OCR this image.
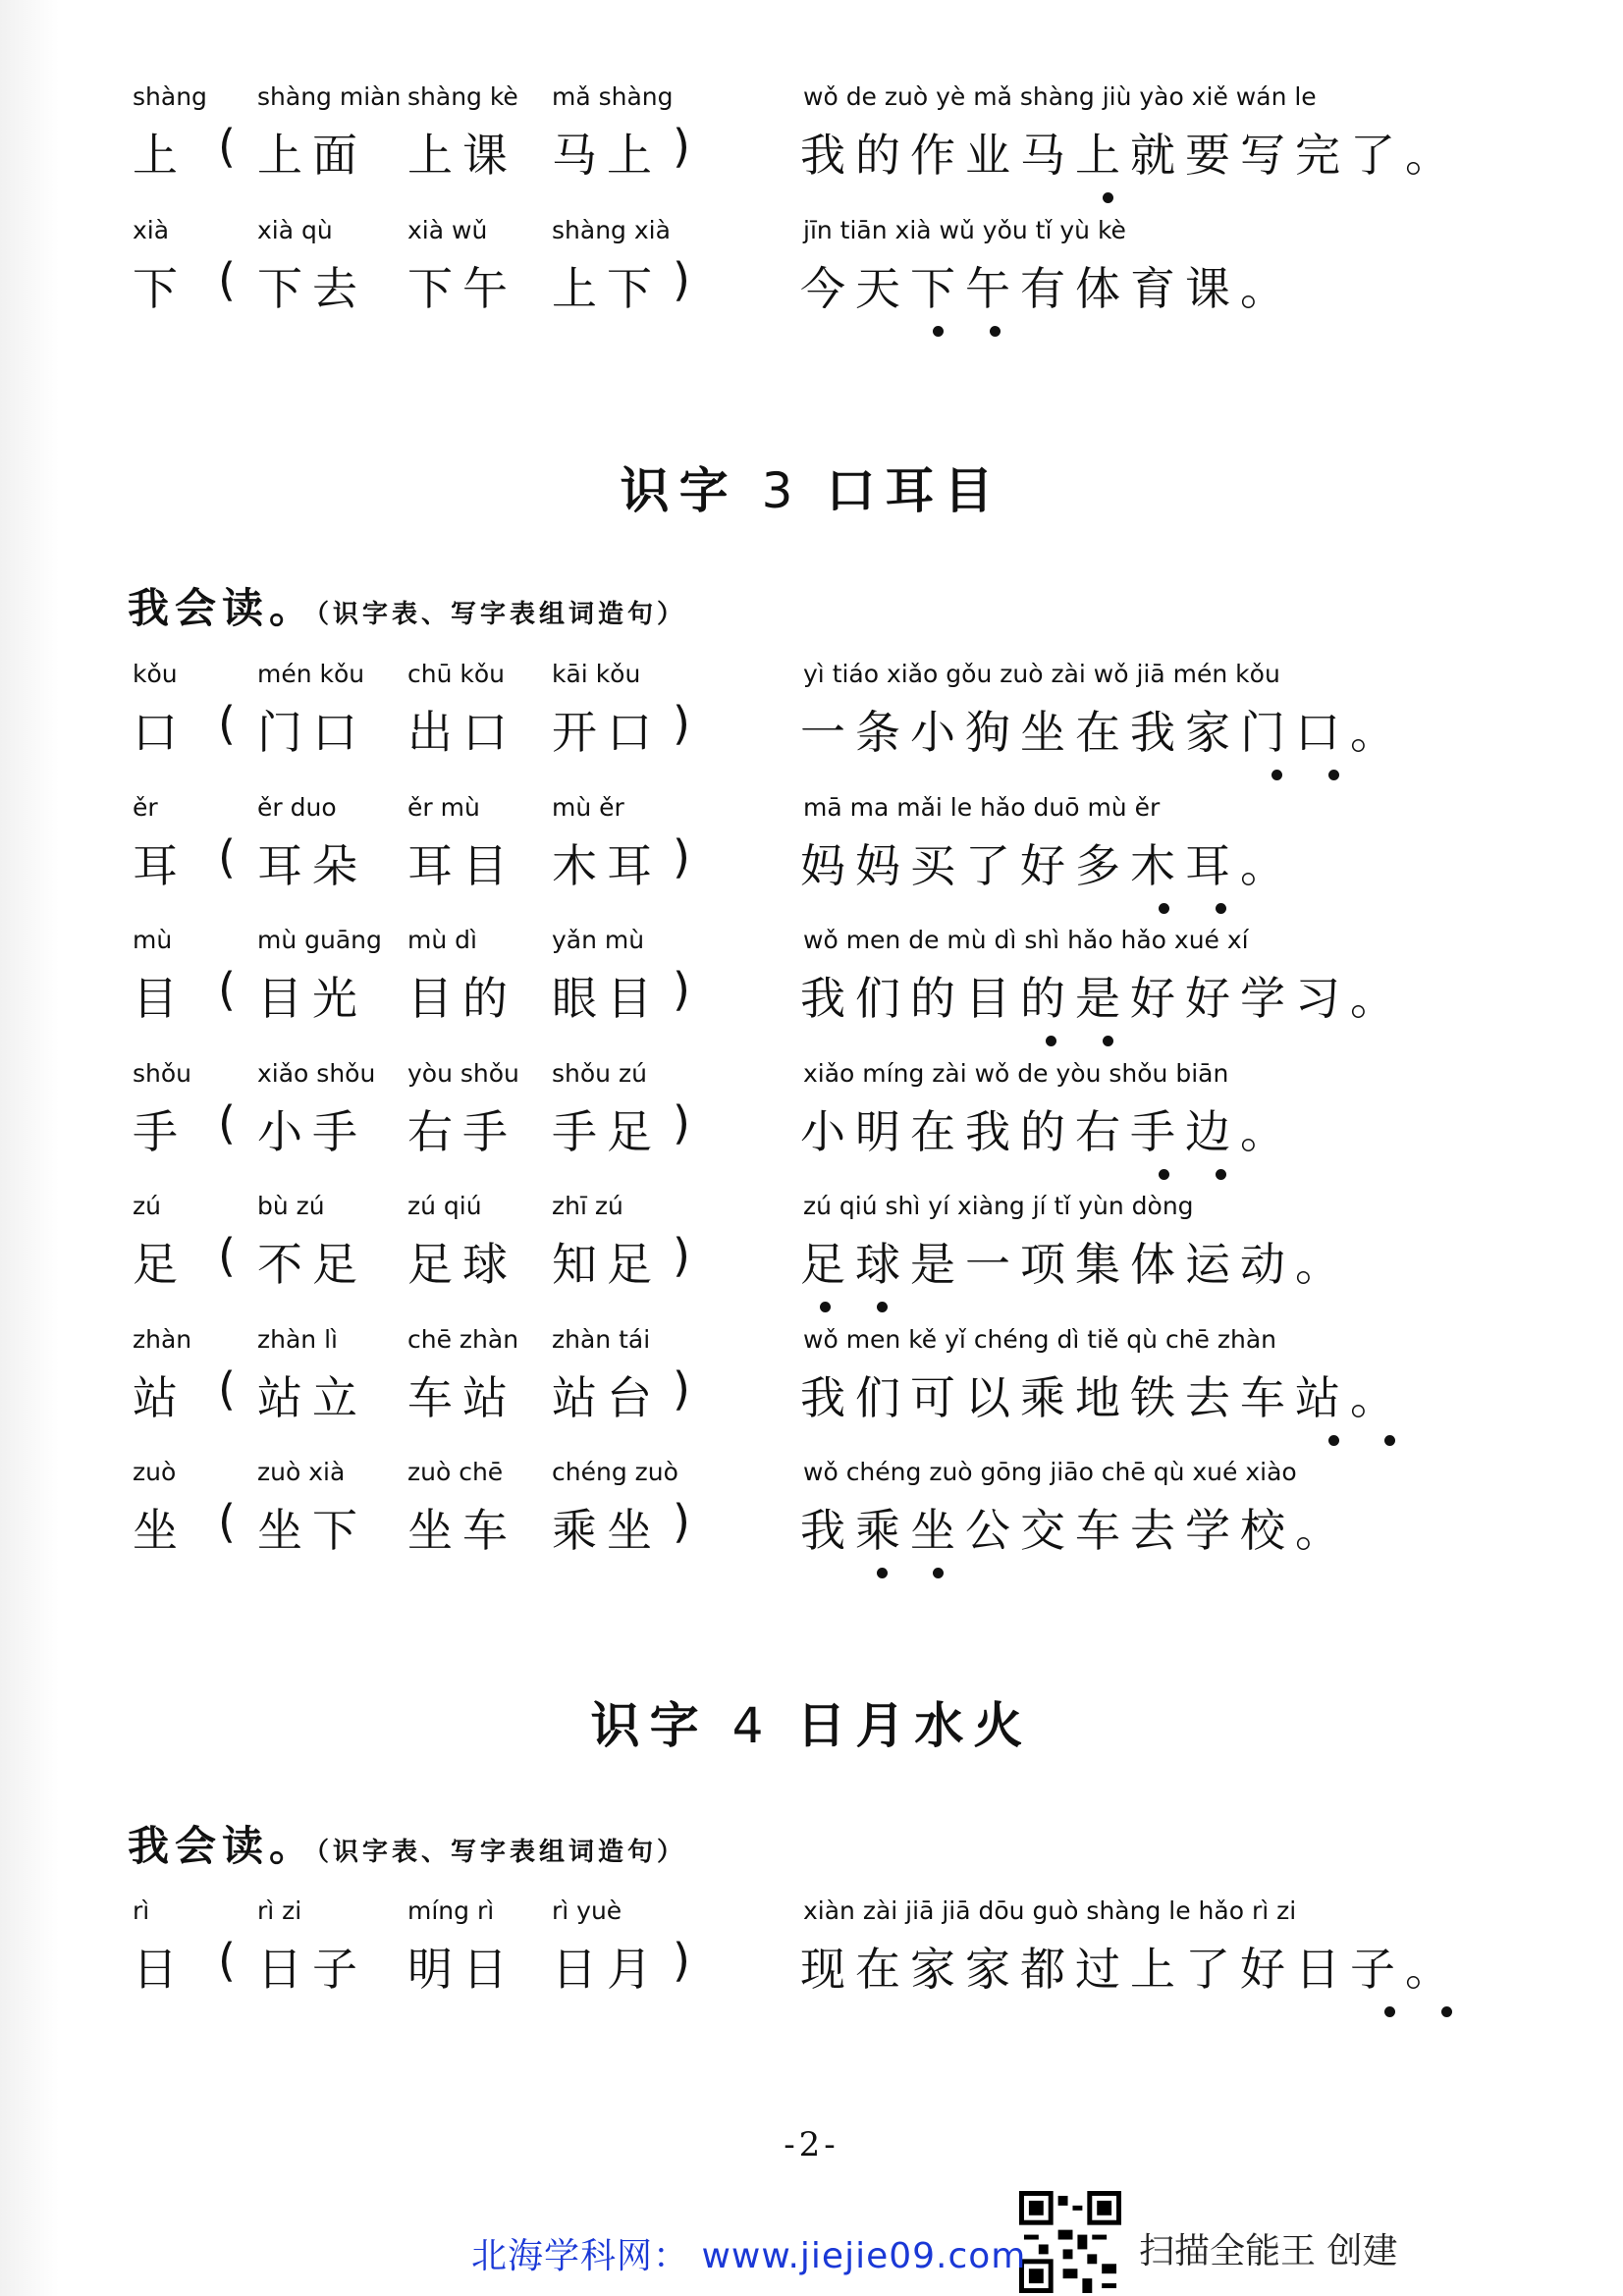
shàng
上 (
shàng miàn
上面
shàng kè
上课
mǎ shàng
马上 )
wǒ de zuò yè mǎ shàng jiù yào xiě wán le
我的作业马上就要写完了。
xià
下 (
xià qù
下去
xià wǔ
下午
shàng xià
上下 )
jīn tiān xià wǔ yǒu tǐ yù kè
今天下午有体育课。
识字 3 口耳目
我会读。（识字表、写字表组词造句）
kǒu
口 (
mén kǒu
门口
chū kǒu
出口
kāi kǒu
开口 )
yì tiáo xiǎo gǒu zuò zài wǒ jiā mén kǒu
一条小狗坐在我家门口。
ěr
耳 (
ěr duo
耳朵
ěr mù
耳目
mù ěr
木耳 )
mā ma mǎi le hǎo duō mù ěr
妈妈买了好多木耳。
mù
目 (
mù guāng
目光
mù dì
目的
yǎn mù
眼目 )
wǒ men de mù dì shì hǎo hǎo xué xí
我们的目的是好好学习。
shǒu
手 (
xiǎo shǒu
小手
yòu shǒu
右手
shǒu zú
手足 )
xiǎo míng zài wǒ de yòu shǒu biān
小明在我的右手边。
zú
足 (
bù zú
不足
zú qiú
足球
zhī zú
知足 )
zú qiú shì yí xiàng jí tǐ yùn dòng
足球是一项集体运动。
zhàn
站 (
zhàn lì
站立
chē zhàn
车站
zhàn tái
站台 )
wǒ men kě yǐ chéng dì tiě qù chē zhàn
我们可以乘地铁去车站。
zuò
坐 (
zuò xià
坐下
zuò chē
坐车
chéng zuò
乘坐 )
wǒ chéng zuò gōng jiāo chē qù xué xiào
我乘坐公交车去学校。
识字 4 日月水火
我会读。（识字表、写字表组词造句）
rì
日 (
rì zi
日子
míng rì
明日
rì yuè
日月 )
xiàn zài jiā jiā dōu guò shàng le hǎo rì zi
现在家家都过上了好日子。
-2-
北海学科网： www.jiejie09.com	扫描全能王 创建
